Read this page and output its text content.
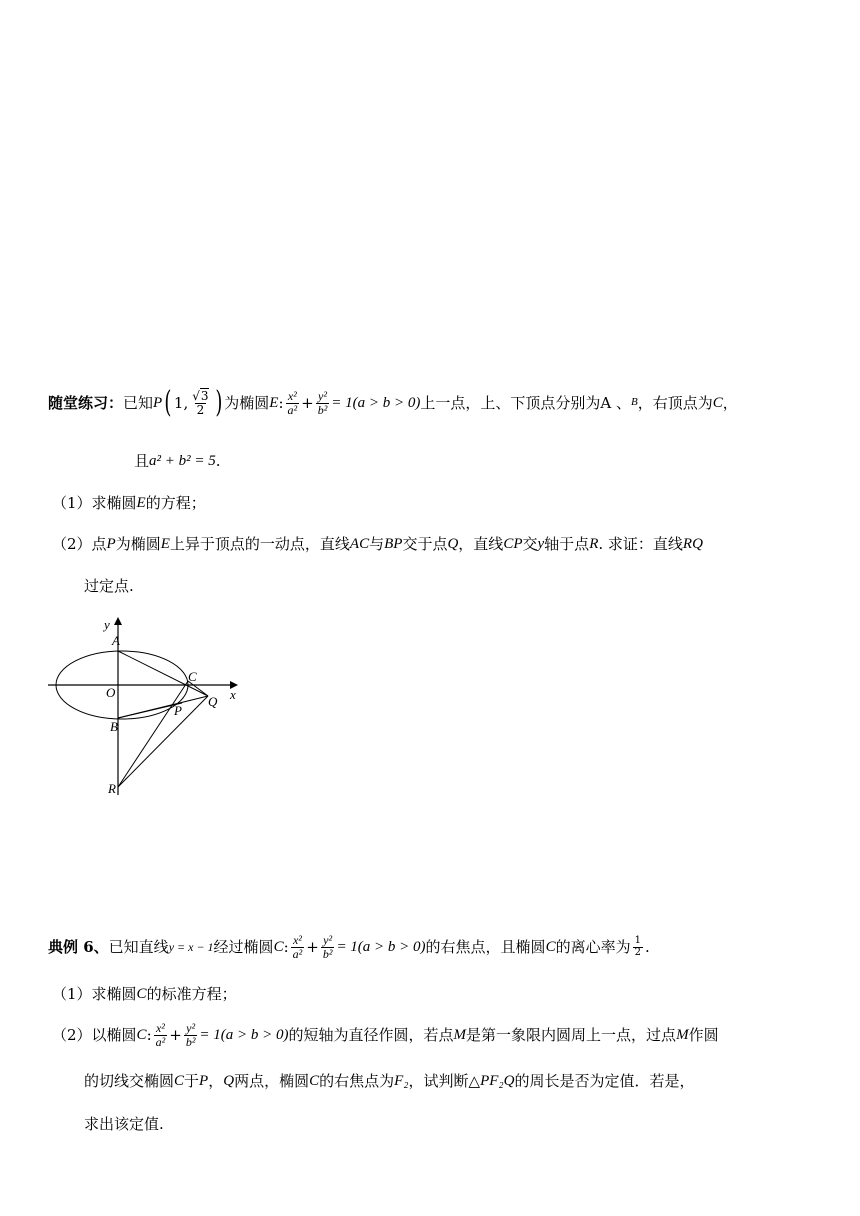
随堂练习： 已知 P ( 1, $\frac{√3}{2}$ ) 为椭圆 E : $\frac{\text{x²}}{\text{a²}} + \frac{\text{y²}}{\text{b²}} = 1(a > b > 0)$ 上一点，上、下顶点分别为A 、 B ，右顶点为 C ，
且 a² + b² = 5 .
（1）求椭圆 E 的方程；
（2）点 P 为椭圆 E 上异于顶点的一动点，直线 AC 与 BP 交于点 Q ，直线 CP 交 y 轴于点 R . 求证：直线 RQ
过定点.
y
A
x
O
C
P
Q
B
R
典例 6、 已知直线 y = x − 1 经过椭圆 C : $\frac{\text{x²}}{\text{a²}} + \frac{\text{y²}}{\text{b²}} = 1(a > b > 0)$ 的右焦点，且椭圆 C 的离心率为 $\frac{1}{2}$ .
（1）求椭圆 C 的标准方程；
（2）以椭圆 C : $\frac{\text{x²}}{\text{a²}} + \frac{\text{y²}}{\text{b²}} = 1(a > b > 0)$ 的短轴为直径作圆，若点 M 是第一象限内圆周上一点，过点 M 作圆
的切线交椭圆 C 于 P ， Q 两点，椭圆 C 的右焦点为 F₂ ，试判断△ PF₂Q 的周长是否为定值．若是，
求出该定值.
